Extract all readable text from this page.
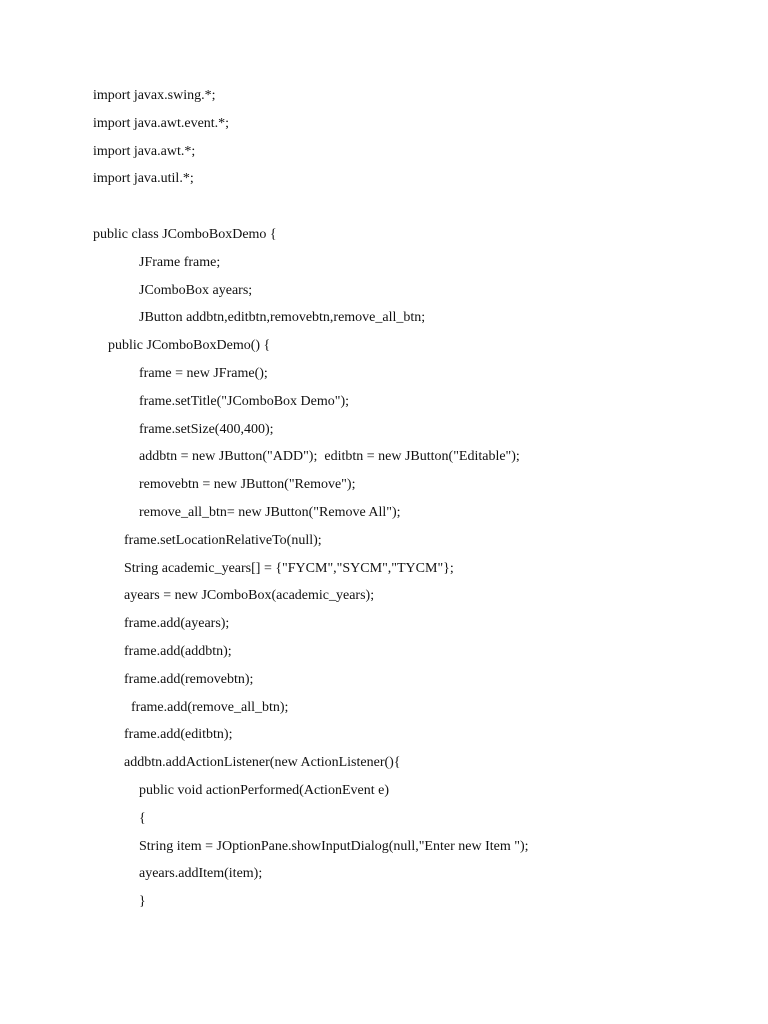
import javax.swing.*;
import java.awt.event.*;
import java.awt.*;
import java.util.*;
public class JComboBoxDemo {
JFrame frame;
JComboBox ayears;
JButton addbtn,editbtn,removebtn,remove_all_btn;
public JComboBoxDemo() {
frame = new JFrame();
frame.setTitle("JComboBox Demo");
frame.setSize(400,400);
addbtn = new JButton("ADD");  editbtn = new JButton("Editable");
removebtn = new JButton("Remove");
remove_all_btn= new JButton("Remove All");
frame.setLocationRelativeTo(null);
String academic_years[] = {"FYCM","SYCM","TYCM"};
ayears = new JComboBox(academic_years);
frame.add(ayears);
frame.add(addbtn);
frame.add(removebtn);
frame.add(remove_all_btn);
frame.add(editbtn);
addbtn.addActionListener(new ActionListener(){
public void actionPerformed(ActionEvent e)
{
String item = JOptionPane.showInputDialog(null,"Enter new Item ");
ayears.addItem(item);
}
